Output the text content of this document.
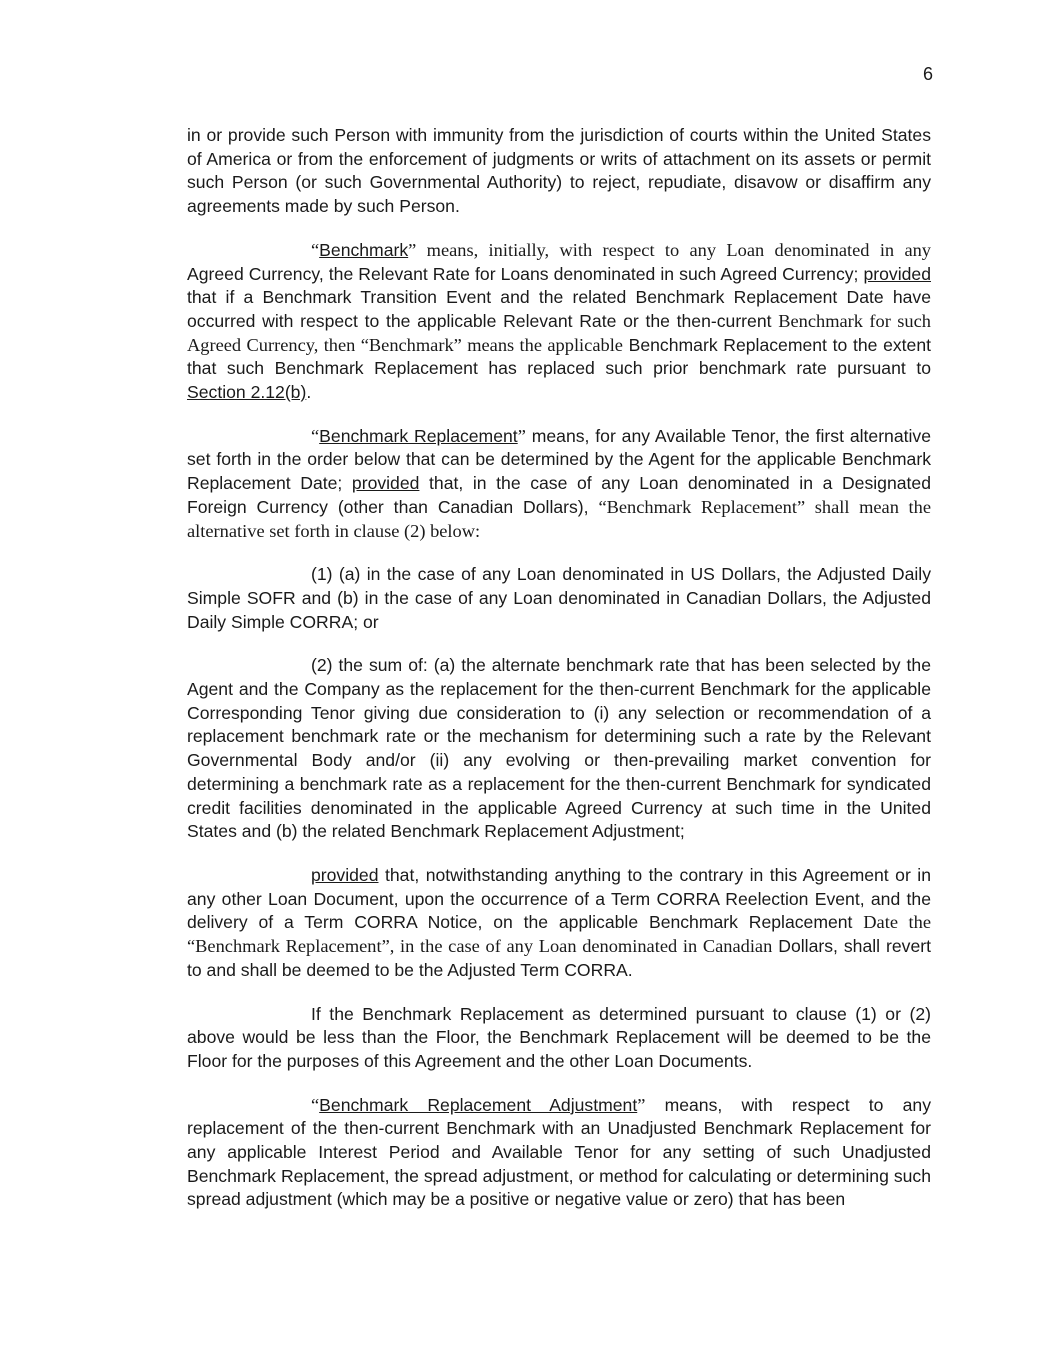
6

in or provide such Person with immunity from the jurisdiction of courts within the United States of America or from the enforcement of judgments or writs of attachment on its assets or permit such Person (or such Governmental Authority) to reject, repudiate, disavow or disaffirm any agreements made by such Person.

“Benchmark” means, initially, with respect to any Loan denominated in any Agreed Currency, the Relevant Rate for Loans denominated in such Agreed Currency; provided that if a Benchmark Transition Event and the related Benchmark Replacement Date have occurred with respect to the applicable Relevant Rate or the then-current Benchmark for such Agreed Currency, then “Benchmark” means the applicable Benchmark Replacement to the extent that such Benchmark Replacement has replaced such prior benchmark rate pursuant to Section 2.12(b).

“Benchmark Replacement” means, for any Available Tenor, the first alternative set forth in the order below that can be determined by the Agent for the applicable Benchmark Replacement Date; provided that, in the case of any Loan denominated in a Designated Foreign Currency (other than Canadian Dollars), “Benchmark Replacement” shall mean the alternative set forth in clause (2) below:

(1) (a) in the case of any Loan denominated in US Dollars, the Adjusted Daily Simple SOFR and (b) in the case of any Loan denominated in Canadian Dollars, the Adjusted Daily Simple CORRA; or

(2) the sum of: (a) the alternate benchmark rate that has been selected by the Agent and the Company as the replacement for the then-current Benchmark for the applicable Corresponding Tenor giving due consideration to (i) any selection or recommendation of a replacement benchmark rate or the mechanism for determining such a rate by the Relevant Governmental Body and/or (ii) any evolving or then-prevailing market convention for determining a benchmark rate as a replacement for the then-current Benchmark for syndicated credit facilities denominated in the applicable Agreed Currency at such time in the United States and (b) the related Benchmark Replacement Adjustment;

provided that, notwithstanding anything to the contrary in this Agreement or in any other Loan Document, upon the occurrence of a Term CORRA Reelection Event, and the delivery of a Term CORRA Notice, on the applicable Benchmark Replacement Date the “Benchmark Replacement”, in the case of any Loan denominated in Canadian Dollars, shall revert to and shall be deemed to be the Adjusted Term CORRA.

If the Benchmark Replacement as determined pursuant to clause (1) or (2) above would be less than the Floor, the Benchmark Replacement will be deemed to be the Floor for the purposes of this Agreement and the other Loan Documents.

“Benchmark Replacement Adjustment” means, with respect to any replacement of the then-current Benchmark with an Unadjusted Benchmark Replacement for any applicable Interest Period and Available Tenor for any setting of such Unadjusted Benchmark Replacement, the spread adjustment, or method for calculating or determining such spread adjustment (which may be a positive or negative value or zero) that has been
